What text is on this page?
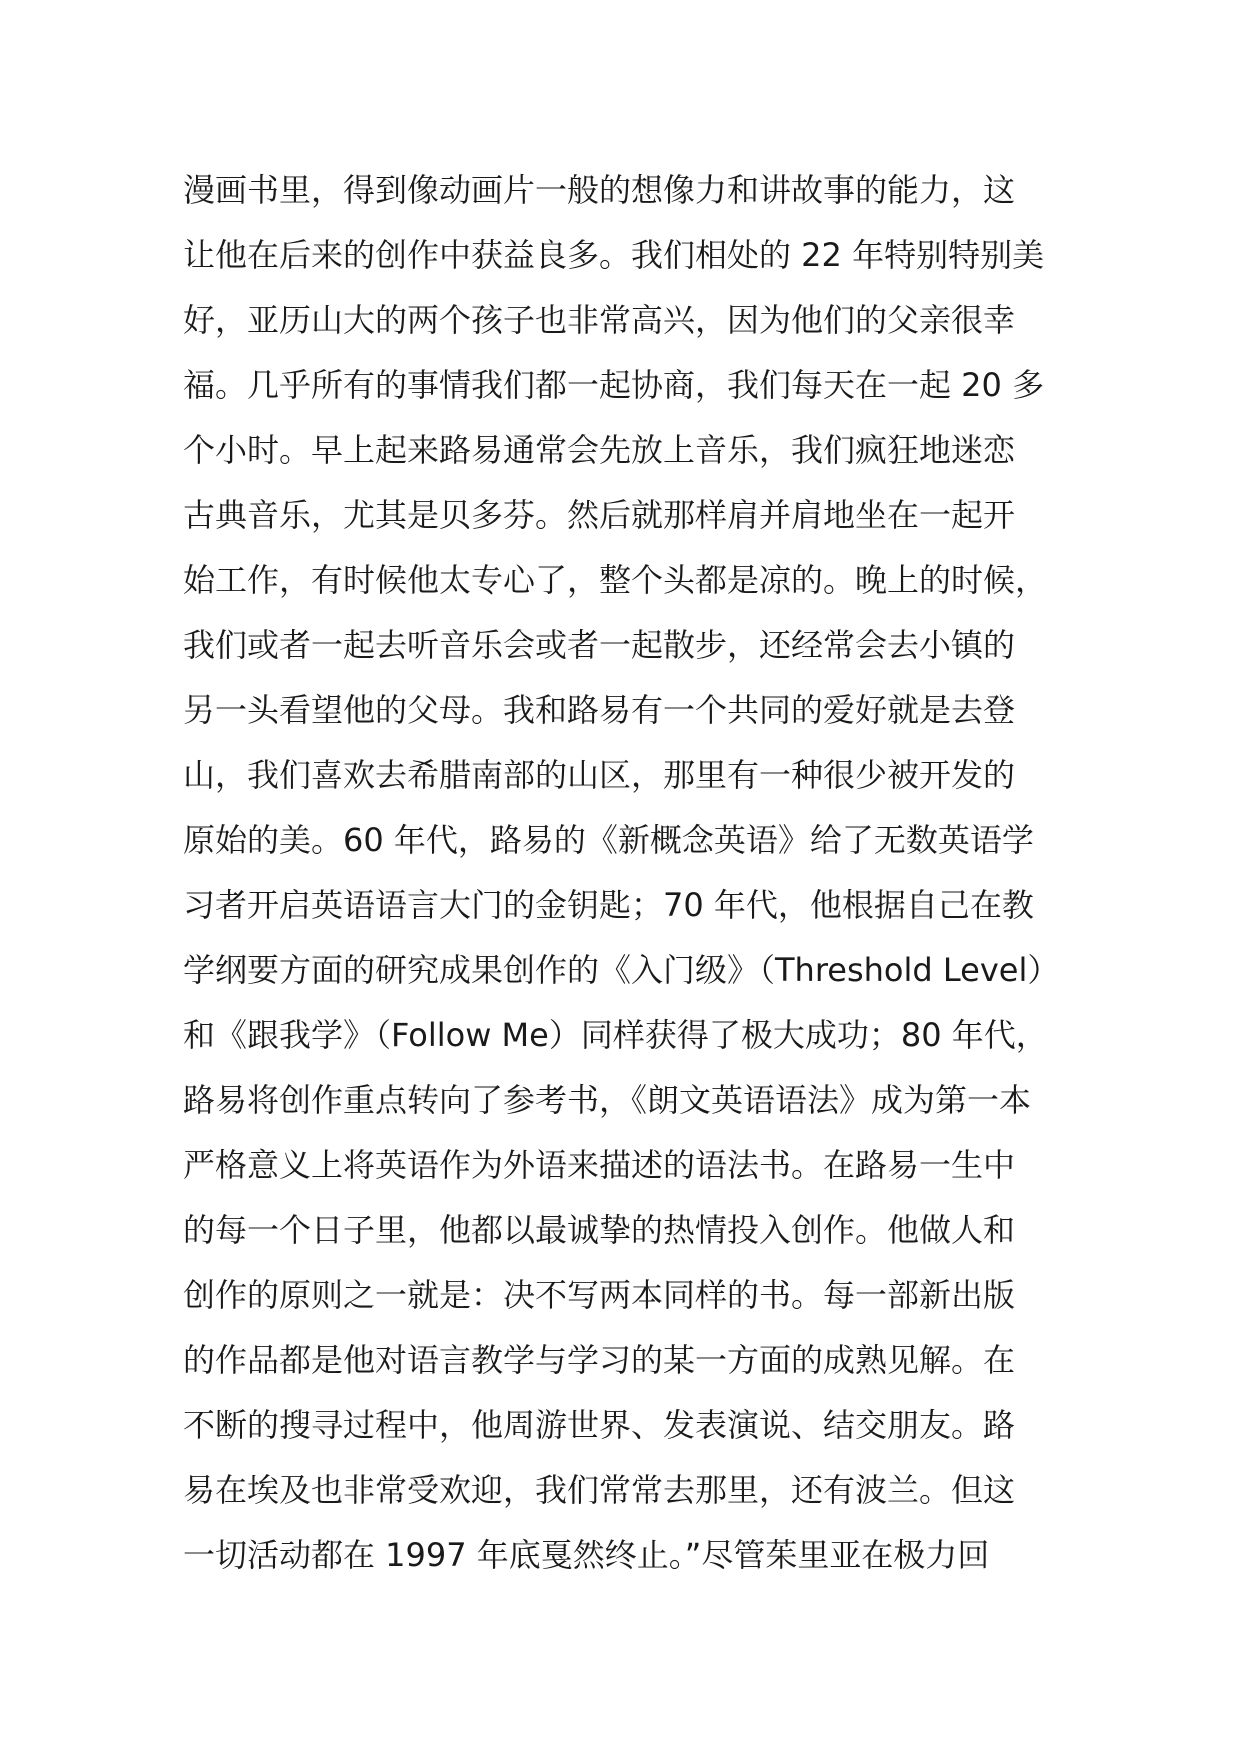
漫画书里，得到像动画片一般的想像力和讲故事的能力，这
让他在后来的创作中获益良多。我们相处的 22 年特别特别美
好，亚历山大的两个孩子也非常高兴，因为他们的父亲很幸
福。几乎所有的事情我们都一起协商，我们每天在一起 20 多
个小时。早上起来路易通常会先放上音乐，我们疯狂地迷恋
古典音乐，尤其是贝多芬。然后就那样肩并肩地坐在一起开
始工作，有时候他太专心了，整个头都是凉的。晚上的时候，
我们或者一起去听音乐会或者一起散步，还经常会去小镇的
另一头看望他的父母。我和路易有一个共同的爱好就是去登
山，我们喜欢去希腊南部的山区，那里有一种很少被开发的
原始的美。60 年代，路易的《新概念英语》给了无数英语学
习者开启英语语言大门的金钥匙；70 年代，他根据自己在教
学纲要方面的研究成果创作的《入门级》（Threshold Level）
和《跟我学》（Follow Me）同样获得了极大成功；80 年代，
路易将创作重点转向了参考书，《朗文英语语法》成为第一本
严格意义上将英语作为外语来描述的语法书。在路易一生中
的每一个日子里，他都以最诚挚的热情投入创作。他做人和
创作的原则之一就是：决不写两本同样的书。每一部新出版
的作品都是他对语言教学与学习的某一方面的成熟见解。在
不断的搜寻过程中，他周游世界、发表演说、结交朋友。路
易在埃及也非常受欢迎，我们常常去那里，还有波兰。但这
一切活动都在 1997 年底戛然终止。”尽管茱里亚在极力回
